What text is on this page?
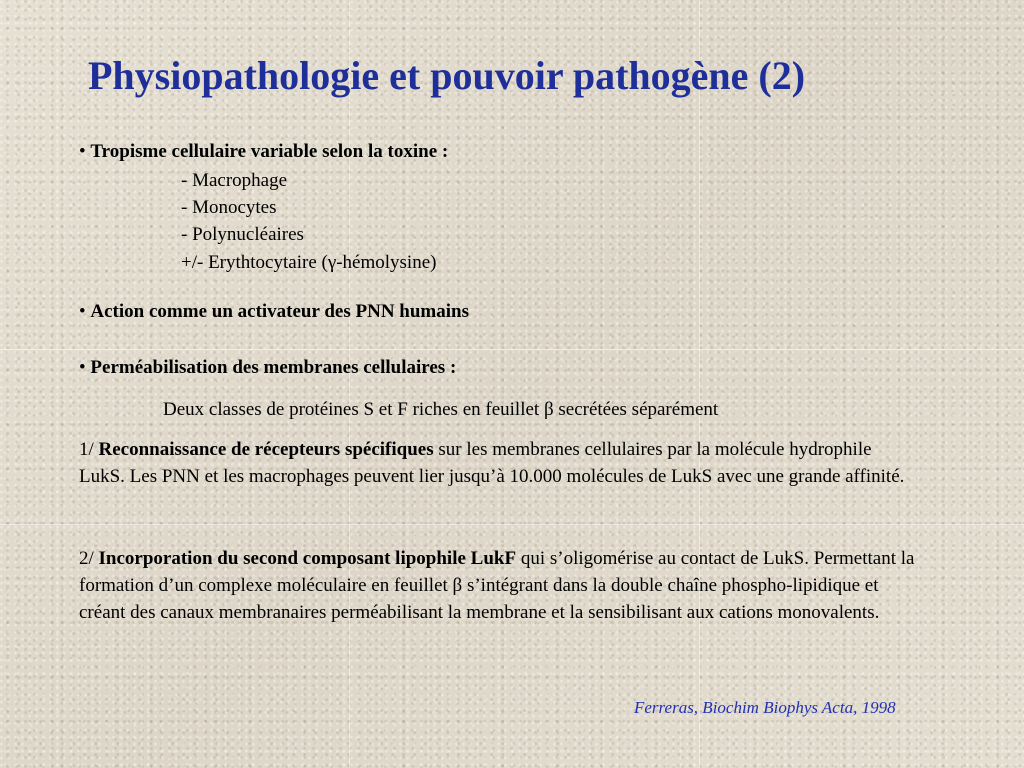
Physiopathologie et pouvoir pathogène (2)
• Tropisme cellulaire variable selon la toxine :
- Macrophage
- Monocytes
- Polynucléaires
+/- Erythtocytaire (γ-hémolysine)
• Action comme un activateur des PNN humains
• Perméabilisation des membranes cellulaires :
Deux classes de protéines S et F riches en feuillet β secrétées séparément
1/ Reconnaissance de récepteurs spécifiques sur les membranes cellulaires par la molécule hydrophile LukS. Les PNN et les macrophages peuvent lier jusqu’à 10.000 molécules de LukS avec une grande affinité.
2/ Incorporation du second composant lipophile LukF qui s’oligomérise au contact de LukS. Permettant la formation d’un complexe moléculaire en feuillet β s’intégrant dans la double chaîne phospho-lipidique et créant des canaux membranaires perméabilisant la membrane et la sensibilisant aux cations monovalents.
Ferreras, Biochim Biophys Acta, 1998
